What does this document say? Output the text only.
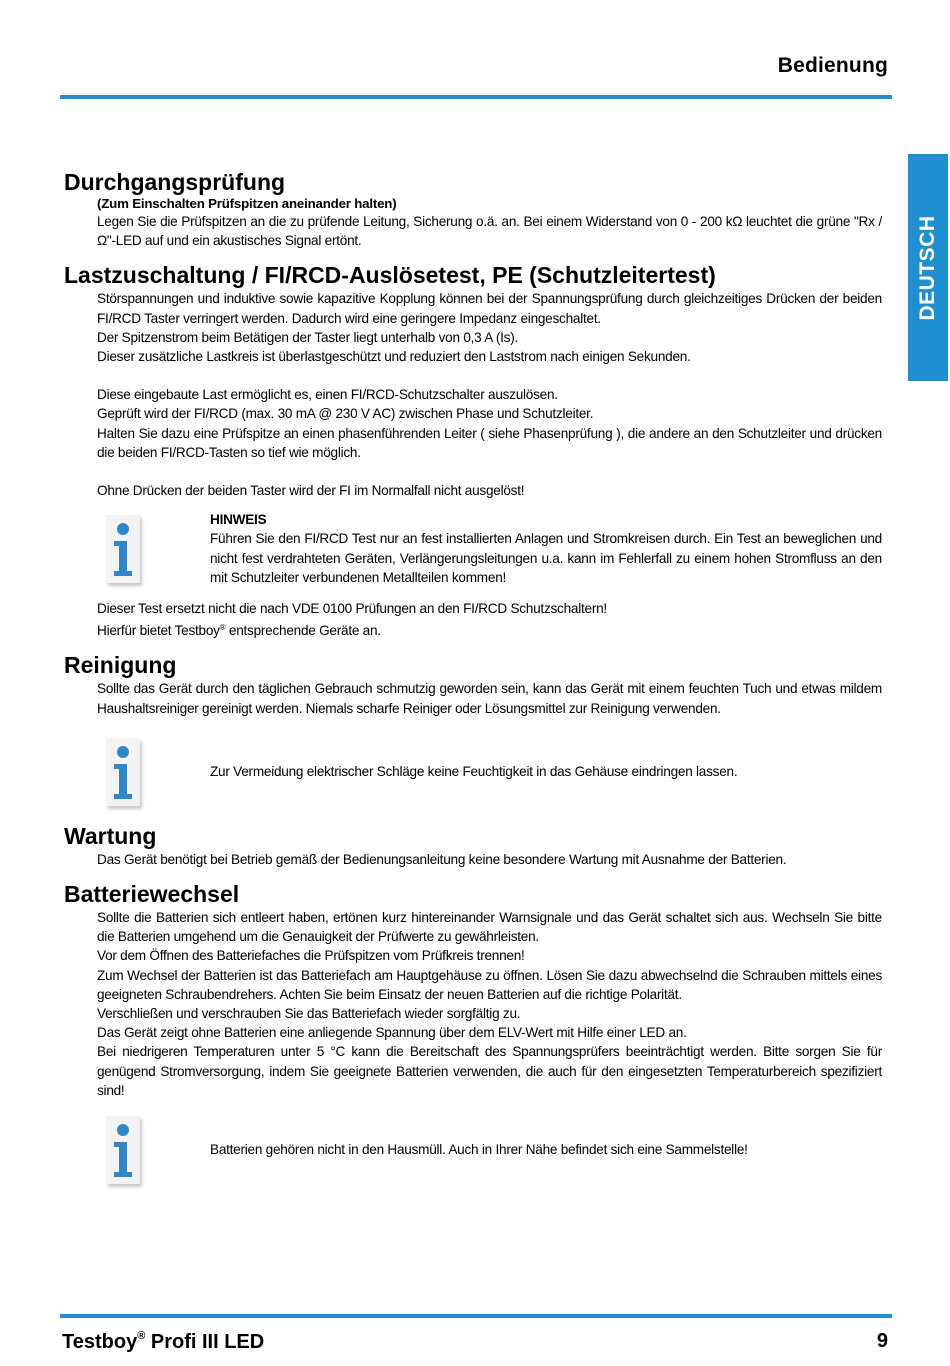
Bedienung
DEUTSCH
Durchgangsprüfung

(Zum Einschalten Prüfspitzen aneinander halten)

Legen Sie die Prüfspitzen an die zu prüfende Leitung, Sicherung o.ä. an. Bei einem Widerstand von 0 - 200 kΩ leuchtet die grüne "Rx /Ω"-LED auf und ein akustisches Signal ertönt.

Lastzuschaltung / FI/RCD-Auslösetest, PE (Schutzleitertest)

Störspannungen und induktive sowie kapazitive Kopplung können bei der Spannungsprüfung durch gleichzeitiges Drücken der beiden FI/RCD Taster verringert werden. Dadurch wird eine geringere Impedanz eingeschaltet.

Der Spitzenstrom beim Betätigen der Taster liegt unterhalb von 0,3 A (Is).

Dieser zusätzliche Lastkreis ist überlastgeschützt und reduziert den Laststrom nach einigen Sekunden.

Diese eingebaute Last ermöglicht es, einen FI/RCD-Schutzschalter auszulösen.

Geprüft wird der FI/RCD (max. 30 mA @ 230 V AC) zwischen Phase und Schutzleiter.

Halten Sie dazu eine Prüfspitze an einen phasenführenden Leiter ( siehe Phasenprüfung ), die andere an den Schutzleiter und drücken die beiden FI/RCD-Tasten so tief wie möglich.

Ohne Drücken der beiden Taster wird der FI im Normalfall nicht ausgelöst!

HINWEIS

Führen Sie den FI/RCD Test nur an fest installierten Anlagen und Stromkreisen durch. Ein Test an beweglichen und nicht fest verdrahteten Geräten, Verlängerungsleitungen u.a. kann im Fehlerfall zu einem hohen Stromfluss an den mit Schutzleiter verbundenen Metallteilen kommen!

Dieser Test ersetzt nicht die nach VDE 0100 Prüfungen an den FI/RCD Schutzschaltern!

Hierfür bietet Testboy® entsprechende Geräte an.

Reinigung

Sollte das Gerät durch den täglichen Gebrauch schmutzig geworden sein, kann das Gerät mit einem feuchten Tuch und etwas mildem Haushaltsreiniger gereinigt werden. Niemals scharfe Reiniger oder Lösungsmittel zur Reinigung verwenden.

Zur Vermeidung elektrischer Schläge keine Feuchtigkeit in das Gehäuse eindringen lassen.

Wartung

Das Gerät benötigt bei Betrieb gemäß der Bedienungsanleitung keine besondere Wartung mit Ausnahme der Batterien.

Batteriewechsel

Sollte die Batterien sich entleert haben, ertönen kurz hintereinander Warnsignale und das Gerät schaltet sich aus. Wechseln Sie bitte die Batterien umgehend um die Genauigkeit der Prüfwerte zu gewährleisten.

Vor dem Öffnen des Batteriefaches die Prüfspitzen vom Prüfkreis trennen!

Zum Wechsel der Batterien ist das Batteriefach am Hauptgehäuse zu öffnen. Lösen Sie dazu abwechselnd die Schrauben mittels eines geeigneten Schraubendrehers. Achten Sie beim Einsatz der neuen Batterien auf die richtige Polarität.

Verschließen und verschrauben Sie das Batteriefach wieder sorgfältig zu.

Das Gerät zeigt ohne Batterien eine anliegende Spannung über dem ELV-Wert mit Hilfe einer LED an.

Bei niedrigeren Temperaturen unter 5 °C kann die Bereitschaft des Spannungsprüfers beeinträchtigt werden. Bitte sorgen Sie für genügend Stromversorgung, indem Sie geeignete Batterien verwenden, die auch für den eingesetzten Temperaturbereich spezifiziert sind!

Batterien gehören nicht in den Hausmüll. Auch in Ihrer Nähe befindet sich eine Sammelstelle!

Testboy® Profi III LED	9
